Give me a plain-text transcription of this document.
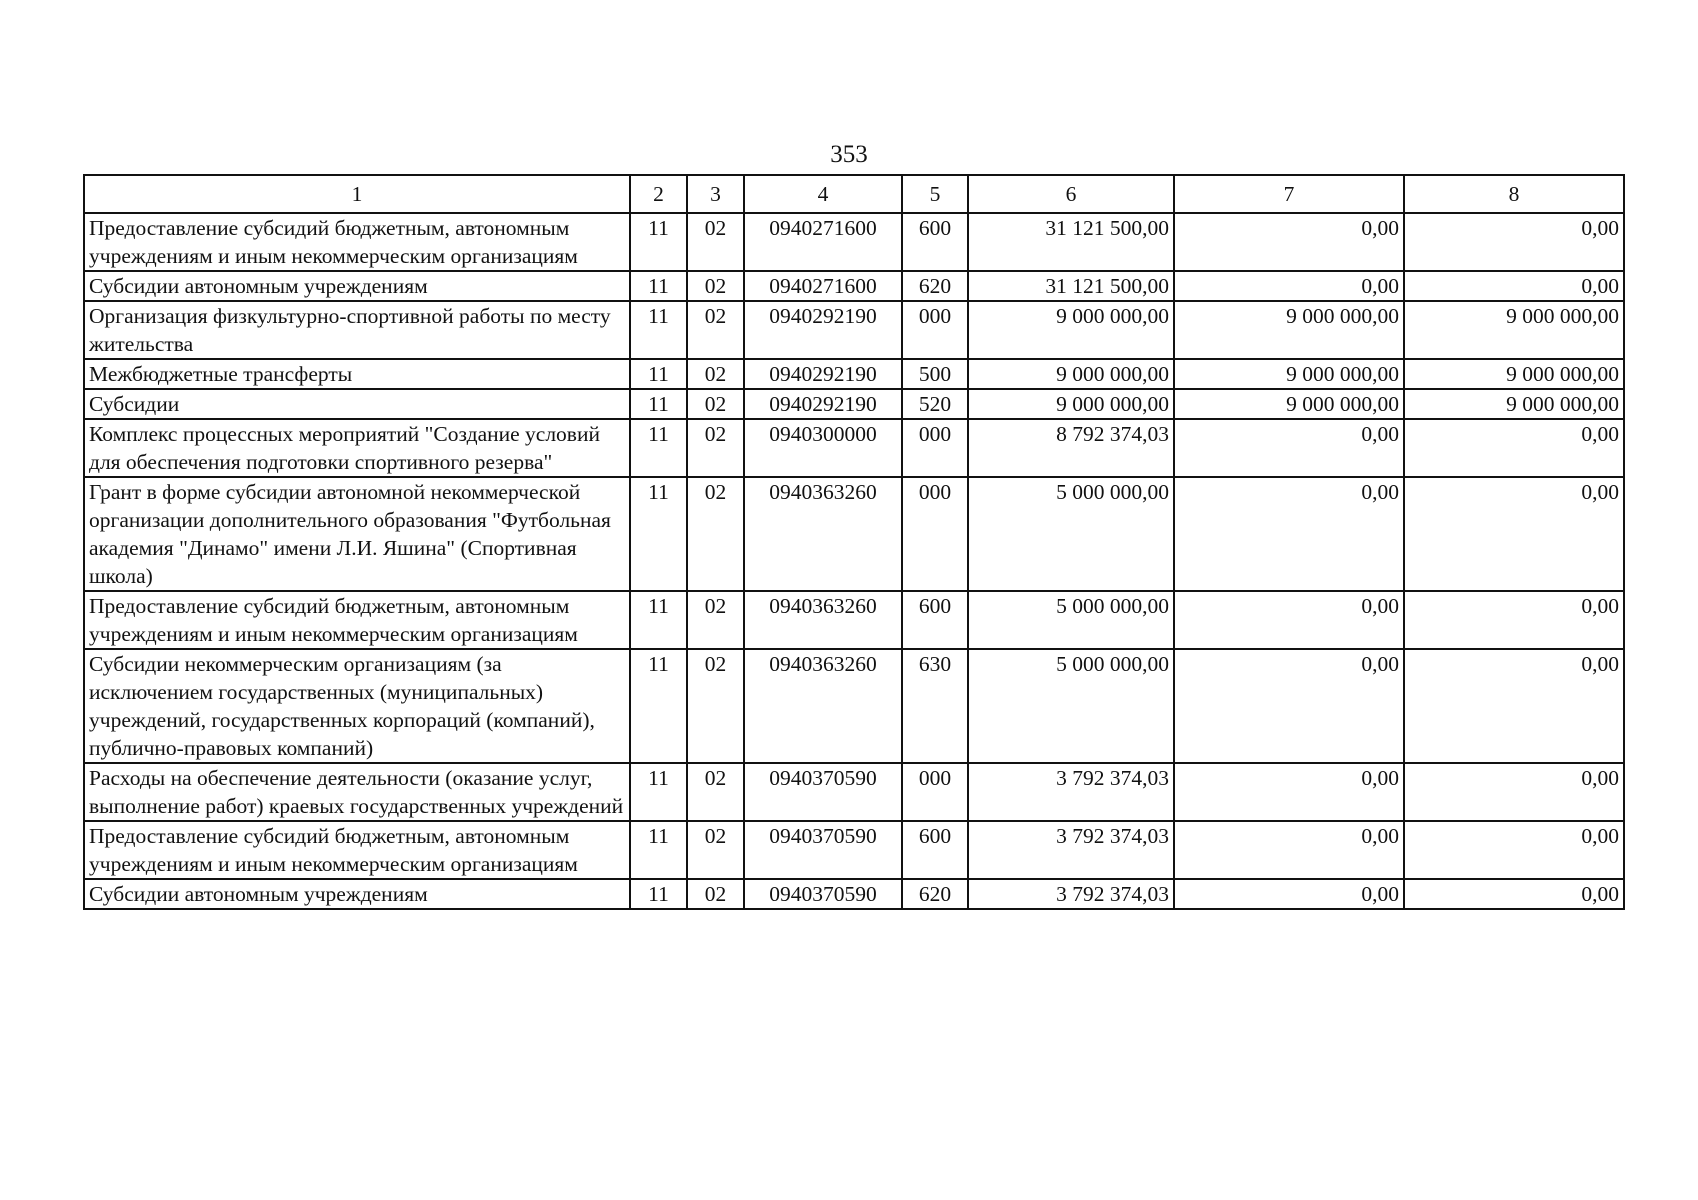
353
1	2	3	4	5	6	7	8
Предоставление субсидий бюджетным, автономным учреждениям и иным некоммерческим организациям	11	02	0940271600	600	31 121 500,00	0,00	0,00
Субсидии автономным учреждениям	11	02	0940271600	620	31 121 500,00	0,00	0,00
Организация физкультурно-спортивной работы по месту жительства	11	02	0940292190	000	9 000 000,00	9 000 000,00	9 000 000,00
Межбюджетные трансферты	11	02	0940292190	500	9 000 000,00	9 000 000,00	9 000 000,00
Субсидии	11	02	0940292190	520	9 000 000,00	9 000 000,00	9 000 000,00
Комплекс процессных мероприятий "Создание условий для обеспечения подготовки спортивного резерва"	11	02	0940300000	000	8 792 374,03	0,00	0,00
Грант в форме субсидии автономной некоммерческой организации дополнительного образования "Футбольная академия "Динамо" имени Л.И. Яшина" (Спортивная школа)	11	02	0940363260	000	5 000 000,00	0,00	0,00
Предоставление субсидий бюджетным, автономным учреждениям и иным некоммерческим организациям	11	02	0940363260	600	5 000 000,00	0,00	0,00
Субсидии некоммерческим организациям (за исключением государственных (муниципальных) учреждений, государственных корпораций (компаний), публично-правовых компаний)	11	02	0940363260	630	5 000 000,00	0,00	0,00
Расходы на обеспечение деятельности (оказание услуг, выполнение работ) краевых государственных учреждений	11	02	0940370590	000	3 792 374,03	0,00	0,00
Предоставление субсидий бюджетным, автономным учреждениям и иным некоммерческим организациям	11	02	0940370590	600	3 792 374,03	0,00	0,00
Субсидии автономным учреждениям	11	02	0940370590	620	3 792 374,03	0,00	0,00
